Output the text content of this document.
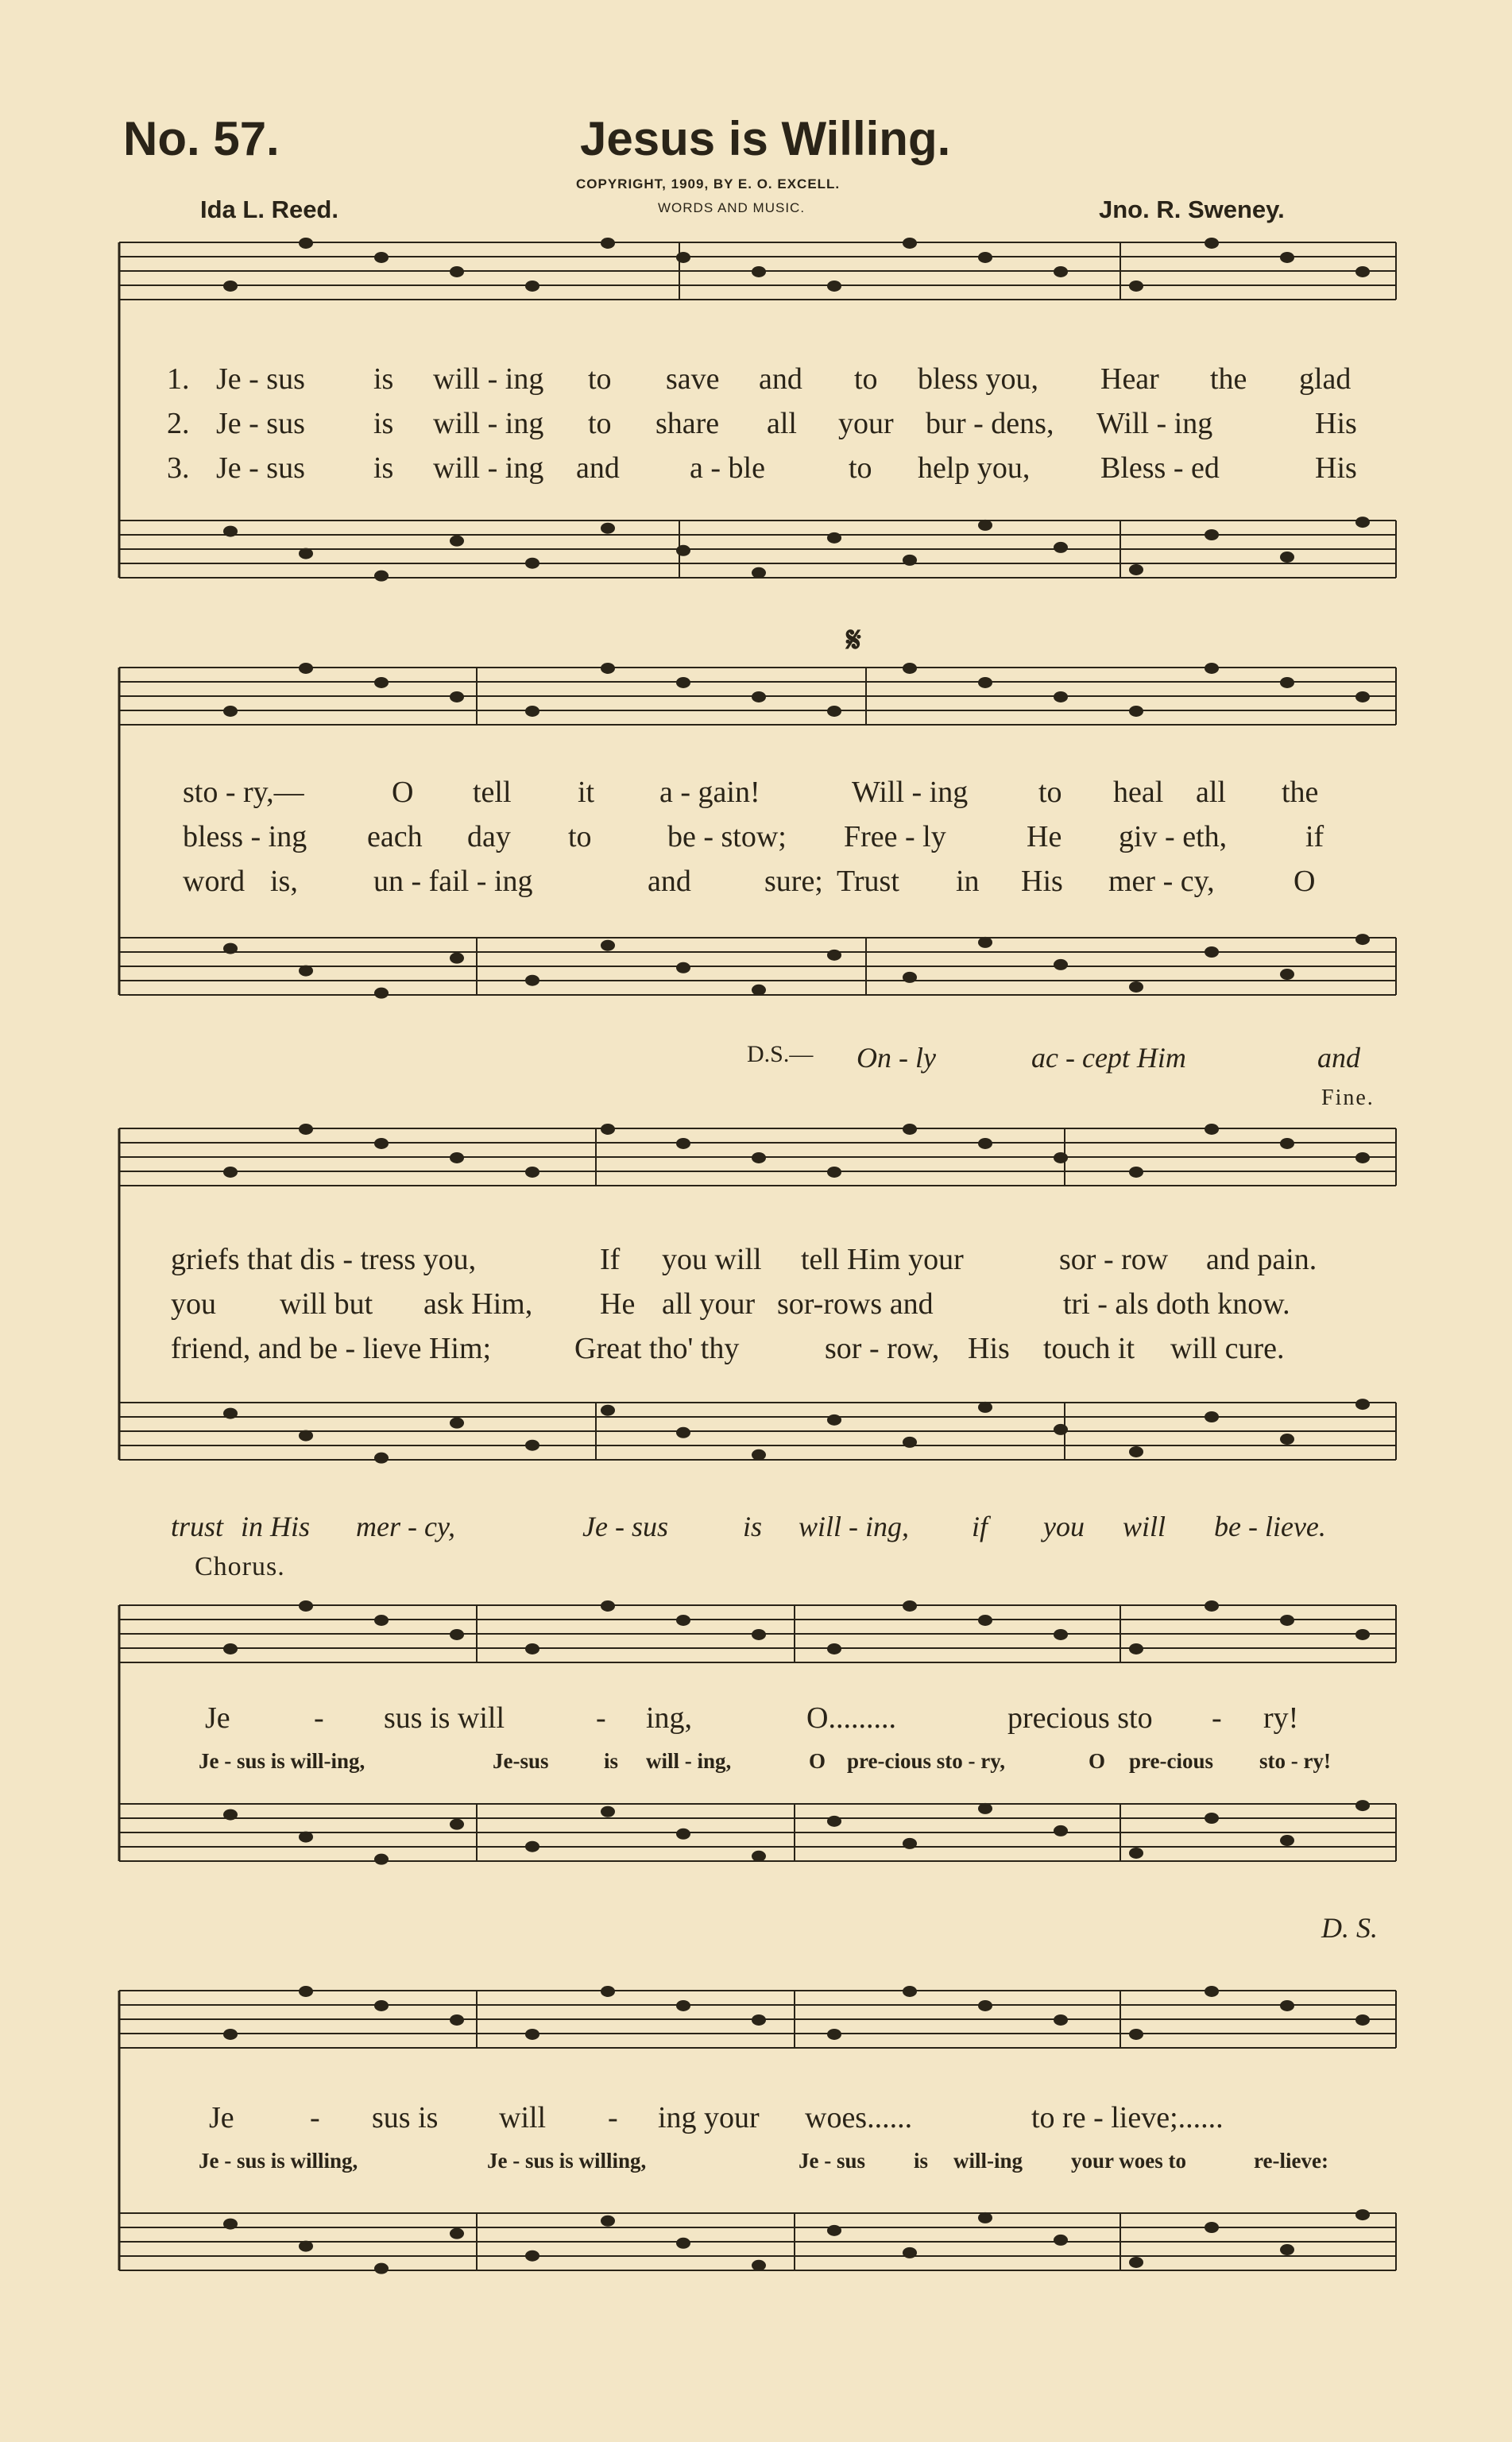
No. 57.	Jesus is Willing.
COPYRIGHT, 1909, BY E. O. EXCELL.
WORDS AND MUSIC.
Ida L. Reed.	Jno. R. Sweney.
1. Je - sus is will - ing to save and to bless you, Hear the glad
2. Je - sus is will - ing to share all your bur - dens, Will - ing	His
3. Je - sus is will - ing and a - ble	to help you, Bless - ed	His
𝄋
sto - ry,—	O tell it a - gain!	Will - ing to heal all the
bless - ing each day to	be - stow; Free - ly	He giv - eth,	if
word is,	un - fail - ing	and sure; Trust in His mer - cy,	O
D.S.— On - ly	ac - cept Him	and
Fine.
griefs that dis - tress you,	If you will tell Him your	sor - row and pain.
you will but ask Him, He all your sor-rows and	tri - als doth know.
friend, and be - lieve Him;	Great tho' thy	sor - row, His touch it will cure.
trust in His mer - cy,	Je - sus	is will - ing, if you will be - lieve.
Chorus.
Je	- sus is will	- ing,	O.........	precious sto - ry!
Je - sus is will-ing,	Je-sus	is will - ing,	O pre-cious sto - ry,	O pre-cious sto - ry!
D. S.
Je	- sus is will - ing your woes......	to re - lieve;......
Je - sus is willing,	Je - sus is willing,	Je - sus is will-ing your woes to	re-lieve:
